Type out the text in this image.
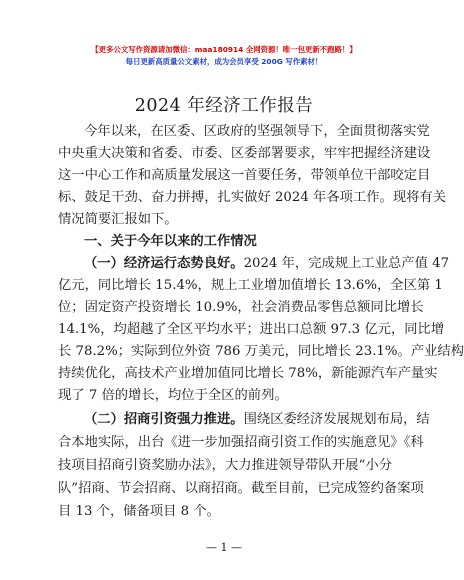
【更多公文写作资源请加微信：maa180914 全网资源！唯一包更新不跑路！】
每日更新高质量公文素材，成为会员享受 200G 写作素材！
2024 年经济工作报告
今年以来，在区委、区政府的坚强领导下，全面贯彻落实党
中央重大决策和省委、市委、区委部署要求，牢牢把握经济建设
这一中心工作和高质量发展这一首要任务，带领单位干部咬定目
标、鼓足干劲、奋力拼搏，扎实做好 2024 年各项工作。现将有关
情况简要汇报如下。
一、关于今年以来的工作情况
（一）经济运行态势良好。2024 年，完成规上工业总产值 47
亿元，同比增长 15.4%，规上工业增加值增长 13.6%，全区第 1
位；固定资产投资增长 10.9%，社会消费品零售总额同比增长
14.1%，均超越了全区平均水平；进出口总额 97.3 亿元，同比增
长 78.2%；实际到位外资 786 万美元，同比增长 23.1%。产业结构
持续优化，高技术产业增加值同比增长 78%，新能源汽车产量实
现了 7 倍的增长，均位于全区的前列。
（二）招商引资强力推进。围绕区委经济发展规划布局，结
合本地实际，出台《进一步加强招商引资工作的实施意见》《科
技项目招商引资奖励办法》，大力推进领导带队开展“小分
队”招商、节会招商、以商招商。截至目前，已完成签约备案项
目 13 个，储备项目 8 个。
— 1 —
